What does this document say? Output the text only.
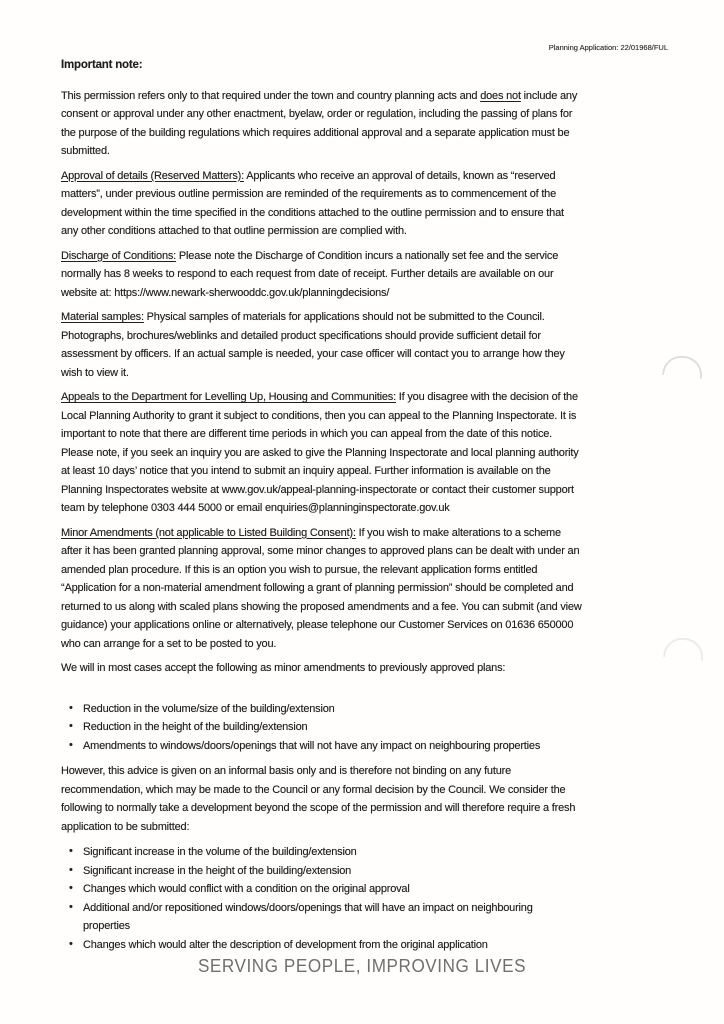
Planning Application: 22/01968/FUL

Important note:

This permission refers only to that required under the town and country planning acts and does not include any
consent or approval under any other enactment, byelaw, order or regulation, including the passing of plans for
the purpose of the building regulations which requires additional approval and a separate application must be
submitted.

Approval of details (Reserved Matters): Applicants who receive an approval of details, known as “reserved
matters”, under previous outline permission are reminded of the requirements as to commencement of the
development within the time specified in the conditions attached to the outline permission and to ensure that
any other conditions attached to that outline permission are complied with.

Discharge of Conditions: Please note the Discharge of Condition incurs a nationally set fee and the service
normally has 8 weeks to respond to each request from date of receipt. Further details are available on our
website at: https://www.newark-sherwooddc.gov.uk/planningdecisions/

Material samples: Physical samples of materials for applications should not be submitted to the Council.
Photographs, brochures/weblinks and detailed product specifications should provide sufficient detail for
assessment by officers. If an actual sample is needed, your case officer will contact you to arrange how they
wish to view it.

Appeals to the Department for Levelling Up, Housing and Communities: If you disagree with the decision of the
Local Planning Authority to grant it subject to conditions, then you can appeal to the Planning Inspectorate. It is
important to note that there are different time periods in which you can appeal from the date of this notice.
Please note, if you seek an inquiry you are asked to give the Planning Inspectorate and local planning authority
at least 10 days’ notice that you intend to submit an inquiry appeal. Further information is available on the
Planning Inspectorates website at www.gov.uk/appeal-planning-inspectorate or contact their customer support
team by telephone 0303 444 5000 or email enquiries@planninginspectorate.gov.uk

Minor Amendments (not applicable to Listed Building Consent): If you wish to make alterations to a scheme
after it has been granted planning approval, some minor changes to approved plans can be dealt with under an
amended plan procedure. If this is an option you wish to pursue, the relevant application forms entitled
“Application for a non-material amendment following a grant of planning permission” should be completed and
returned to us along with scaled plans showing the proposed amendments and a fee. You can submit (and view
guidance) your applications online or alternatively, please telephone our Customer Services on 01636 650000
who can arrange for a set to be posted to you.

We will in most cases accept the following as minor amendments to previously approved plans:

• Reduction in the volume/size of the building/extension
• Reduction in the height of the building/extension
• Amendments to windows/doors/openings that will not have any impact on neighbouring properties

However, this advice is given on an informal basis only and is therefore not binding on any future
recommendation, which may be made to the Council or any formal decision by the Council. We consider the
following to normally take a development beyond the scope of the permission and will therefore require a fresh
application to be submitted:

• Significant increase in the volume of the building/extension
• Significant increase in the height of the building/extension
• Changes which would conflict with a condition on the original approval
• Additional and/or repositioned windows/doors/openings that will have an impact on neighbouring
properties
• Changes which would alter the description of development from the original application
SERVING PEOPLE, IMPROVING LIVES
